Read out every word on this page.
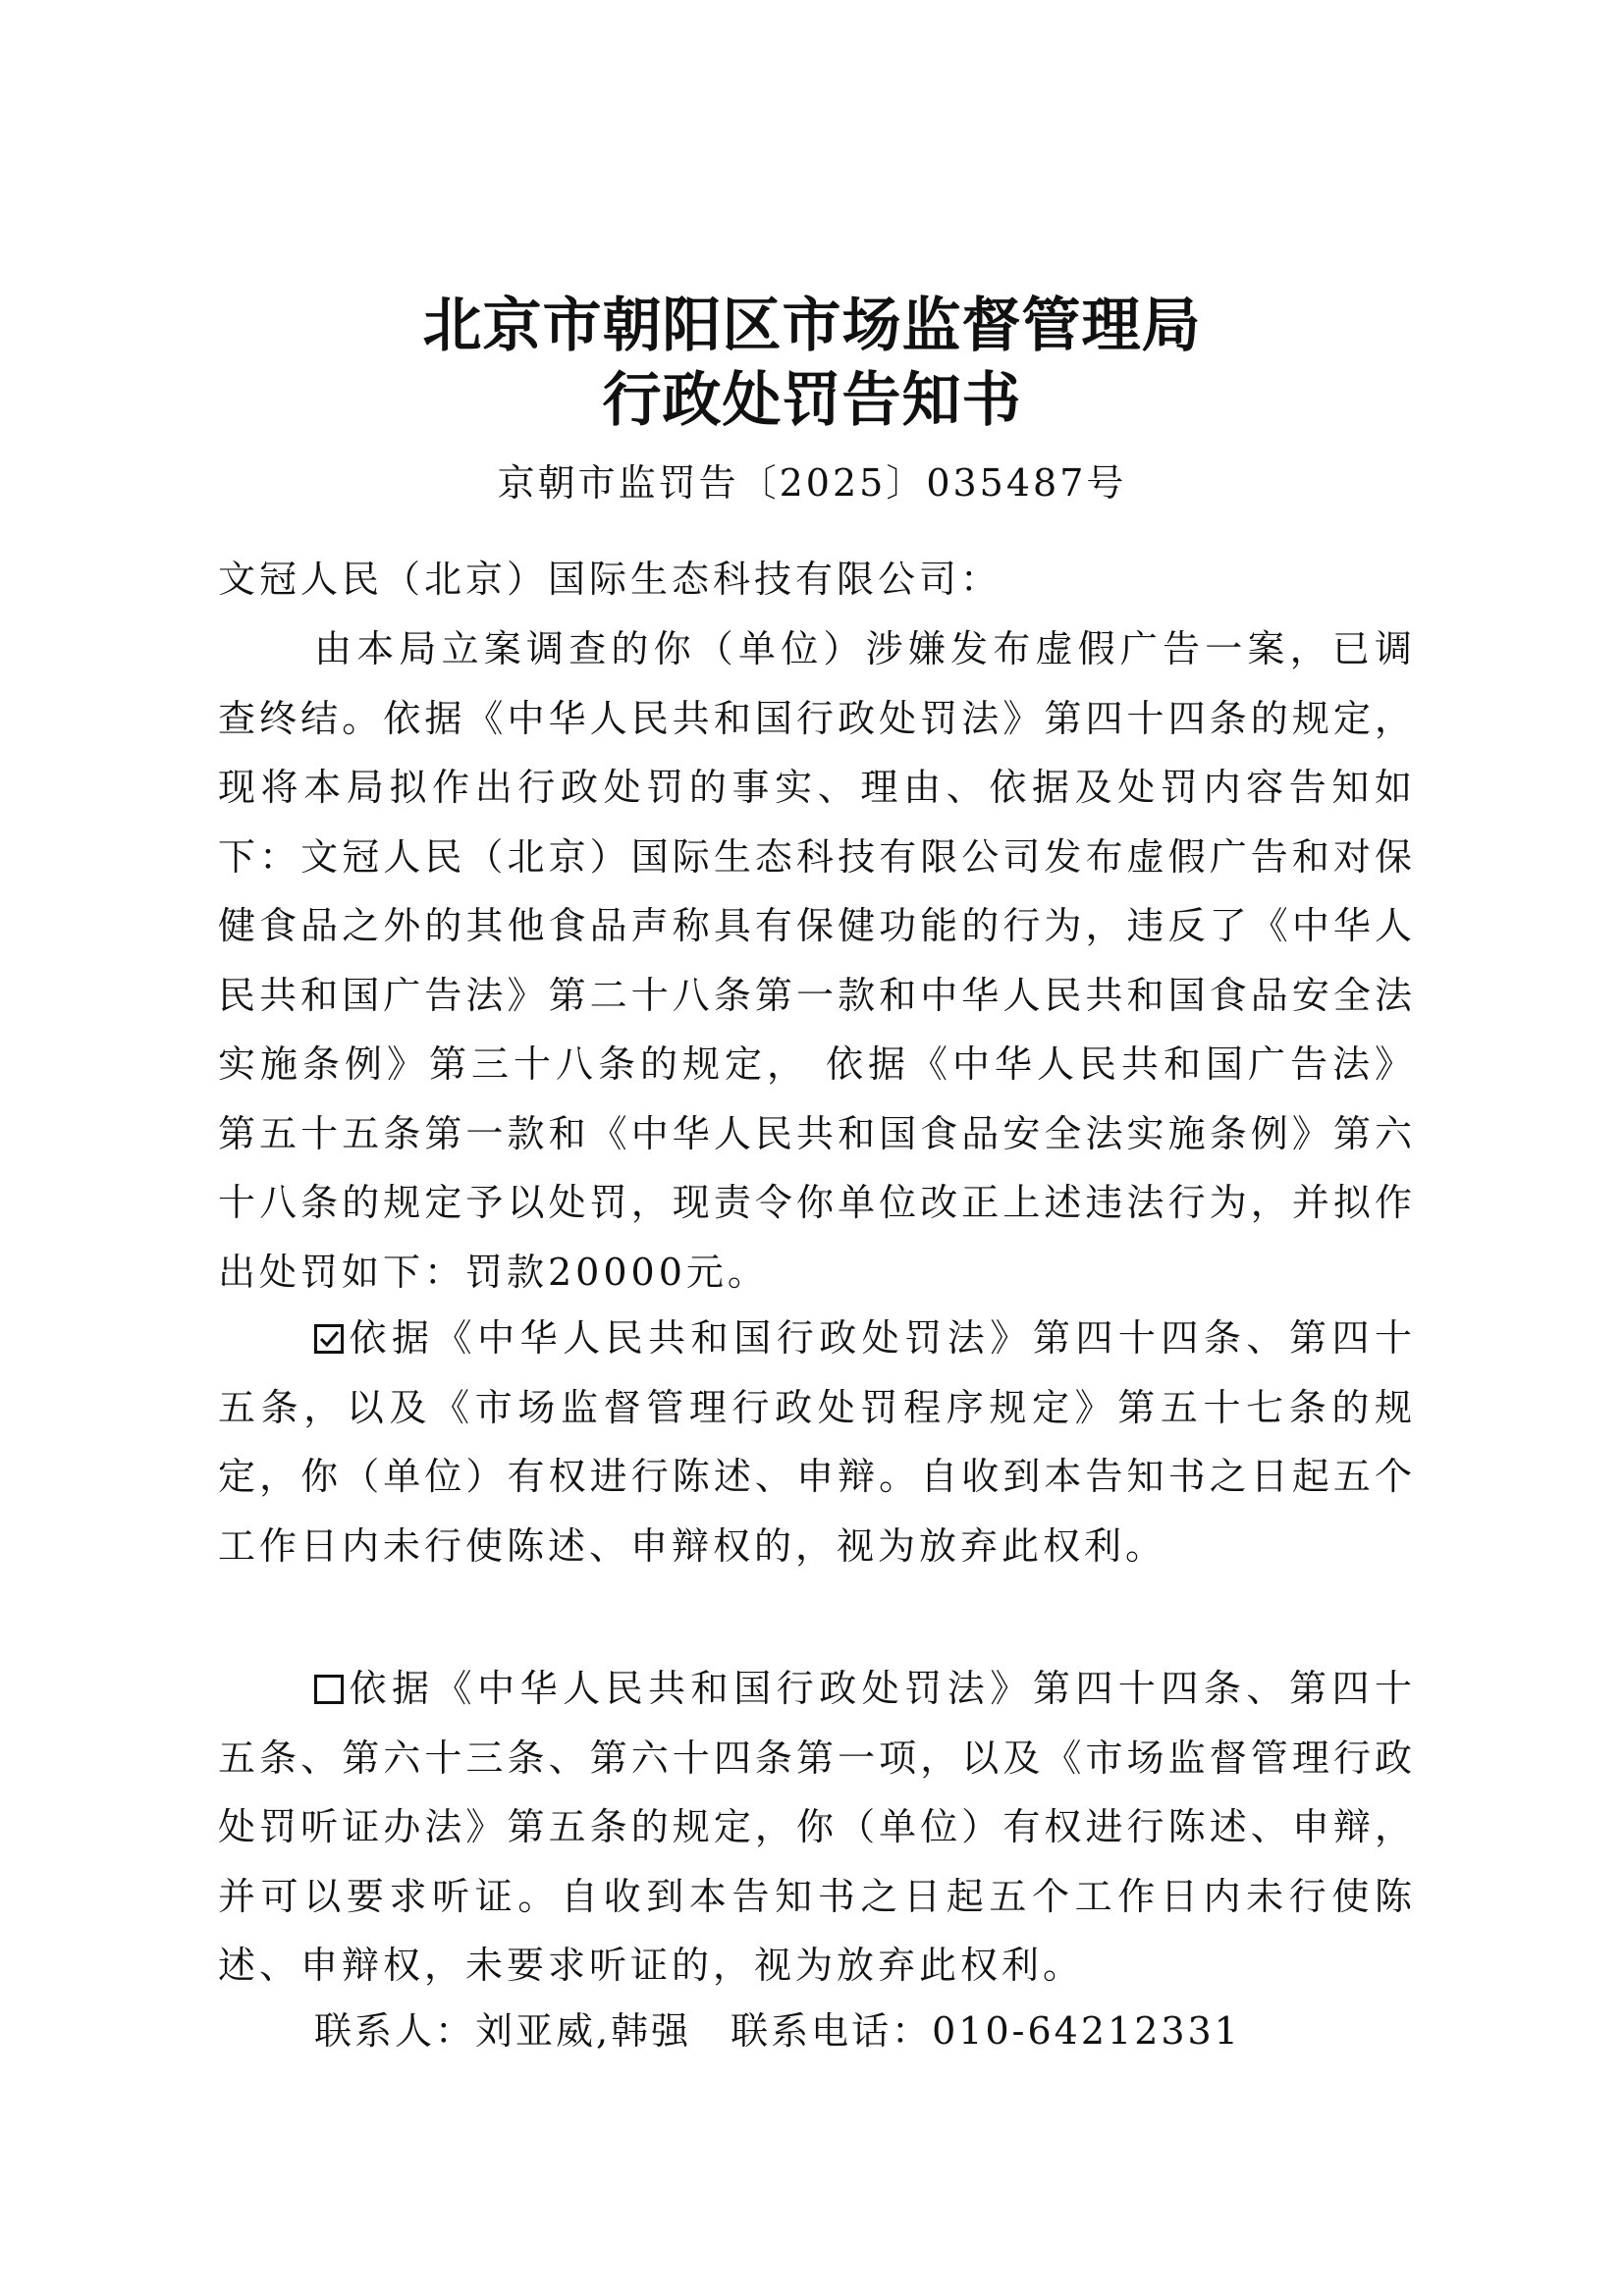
北京市朝阳区市场监督管理局
行政处罚告知书
京朝市监罚告〔2025〕035487号

文冠人民（北京）国际生态科技有限公司：

由本局立案调查的你（单位）涉嫌发布虚假广告一案，已调查终结。依据《中华人民共和国行政处罚法》第四十四条的规定，现将本局拟作出行政处罚的事实、理由、依据及处罚内容告知如下：文冠人民（北京）国际生态科技有限公司发布虚假广告和对保健食品之外的其他食品声称具有保健功能的行为，违反了《中华人民共和国广告法》第二十八条第一款和中华人民共和国食品安全法实施条例》第三十八条的规定， 依据《中华人民共和国广告法》第五十五条第一款和《中华人民共和国食品安全法实施条例》第六十八条的规定予以处罚，现责令你单位改正上述违法行为，并拟作出处罚如下：罚款20000元。

依据《中华人民共和国行政处罚法》第四十四条、第四十五条，以及《市场监督管理行政处罚程序规定》第五十七条的规定，你（单位）有权进行陈述、申辩。自收到本告知书之日起五个工作日内未行使陈述、申辩权的，视为放弃此权利。

依据《中华人民共和国行政处罚法》第四十四条、第四十五条、第六十三条、第六十四条第一项，以及《市场监督管理行政处罚听证办法》第五条的规定，你（单位）有权进行陈述、申辩，并可以要求听证。自收到本告知书之日起五个工作日内未行使陈述、申辩权，未要求听证的，视为放弃此权利。

联系人：刘亚威,韩强 联系电话：010-64212331
